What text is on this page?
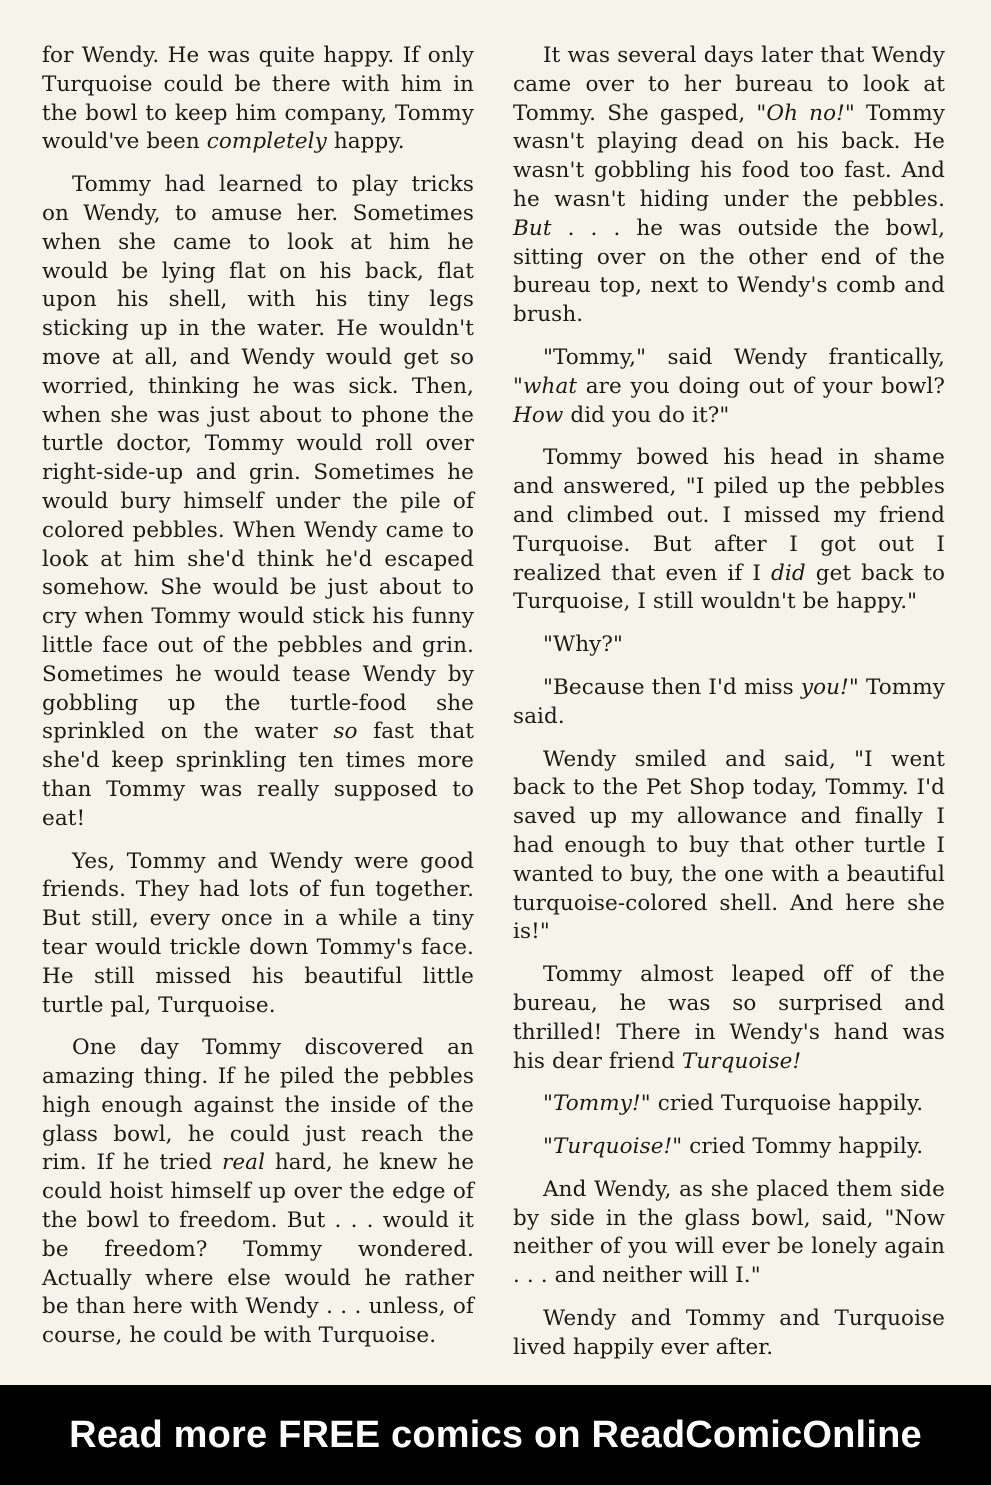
for Wendy. He was quite happy. If only Turquoise could be there with him in the bowl to keep him company, Tommy would've been completely happy.

Tommy had learned to play tricks on Wendy, to amuse her. Sometimes when she came to look at him he would be lying flat on his back, flat upon his shell, with his tiny legs sticking up in the water. He wouldn't move at all, and Wendy would get so worried, thinking he was sick. Then, when she was just about to phone the turtle doctor, Tommy would roll over right-side-up and grin. Sometimes he would bury himself under the pile of colored pebbles. When Wendy came to look at him she'd think he'd escaped somehow. She would be just about to cry when Tommy would stick his funny little face out of the pebbles and grin. Sometimes he would tease Wendy by gobbling up the turtle-food she sprinkled on the water so fast that she'd keep sprinkling ten times more than Tommy was really supposed to eat!

Yes, Tommy and Wendy were good friends. They had lots of fun together. But still, every once in a while a tiny tear would trickle down Tommy's face. He still missed his beautiful little turtle pal, Turquoise.

One day Tommy discovered an amazing thing. If he piled the pebbles high enough against the inside of the glass bowl, he could just reach the rim. If he tried real hard, he knew he could hoist himself up over the edge of the bowl to freedom. But . . . would it be freedom? Tommy wondered. Actually where else would he rather be than here with Wendy . . . unless, of course, he could be with Turquoise.

It was several days later that Wendy came over to her bureau to look at Tommy. She gasped, "Oh no!" Tommy wasn't playing dead on his back. He wasn't gobbling his food too fast. And he wasn't hiding under the pebbles. But . . . he was outside the bowl, sitting over on the other end of the bureau top, next to Wendy's comb and brush.

"Tommy," said Wendy frantically, "what are you doing out of your bowl? How did you do it?"

Tommy bowed his head in shame and answered, "I piled up the pebbles and climbed out. I missed my friend Turquoise. But after I got out I realized that even if I did get back to Turquoise, I still wouldn't be happy."

"Why?"

"Because then I'd miss you!" Tommy said.

Wendy smiled and said, "I went back to the Pet Shop today, Tommy. I'd saved up my allowance and finally I had enough to buy that other turtle I wanted to buy, the one with a beautiful turquoise-colored shell. And here she is!"

Tommy almost leaped off of the bureau, he was so surprised and thrilled! There in Wendy's hand was his dear friend Turquoise!

"Tommy!" cried Turquoise happily.

"Turquoise!" cried Tommy happily.

And Wendy, as she placed them side by side in the glass bowl, said, "Now neither of you will ever be lonely again . . . and neither will I."

Wendy and Tommy and Turquoise lived happily ever after.

Read more FREE comics on ReadComicOnline
